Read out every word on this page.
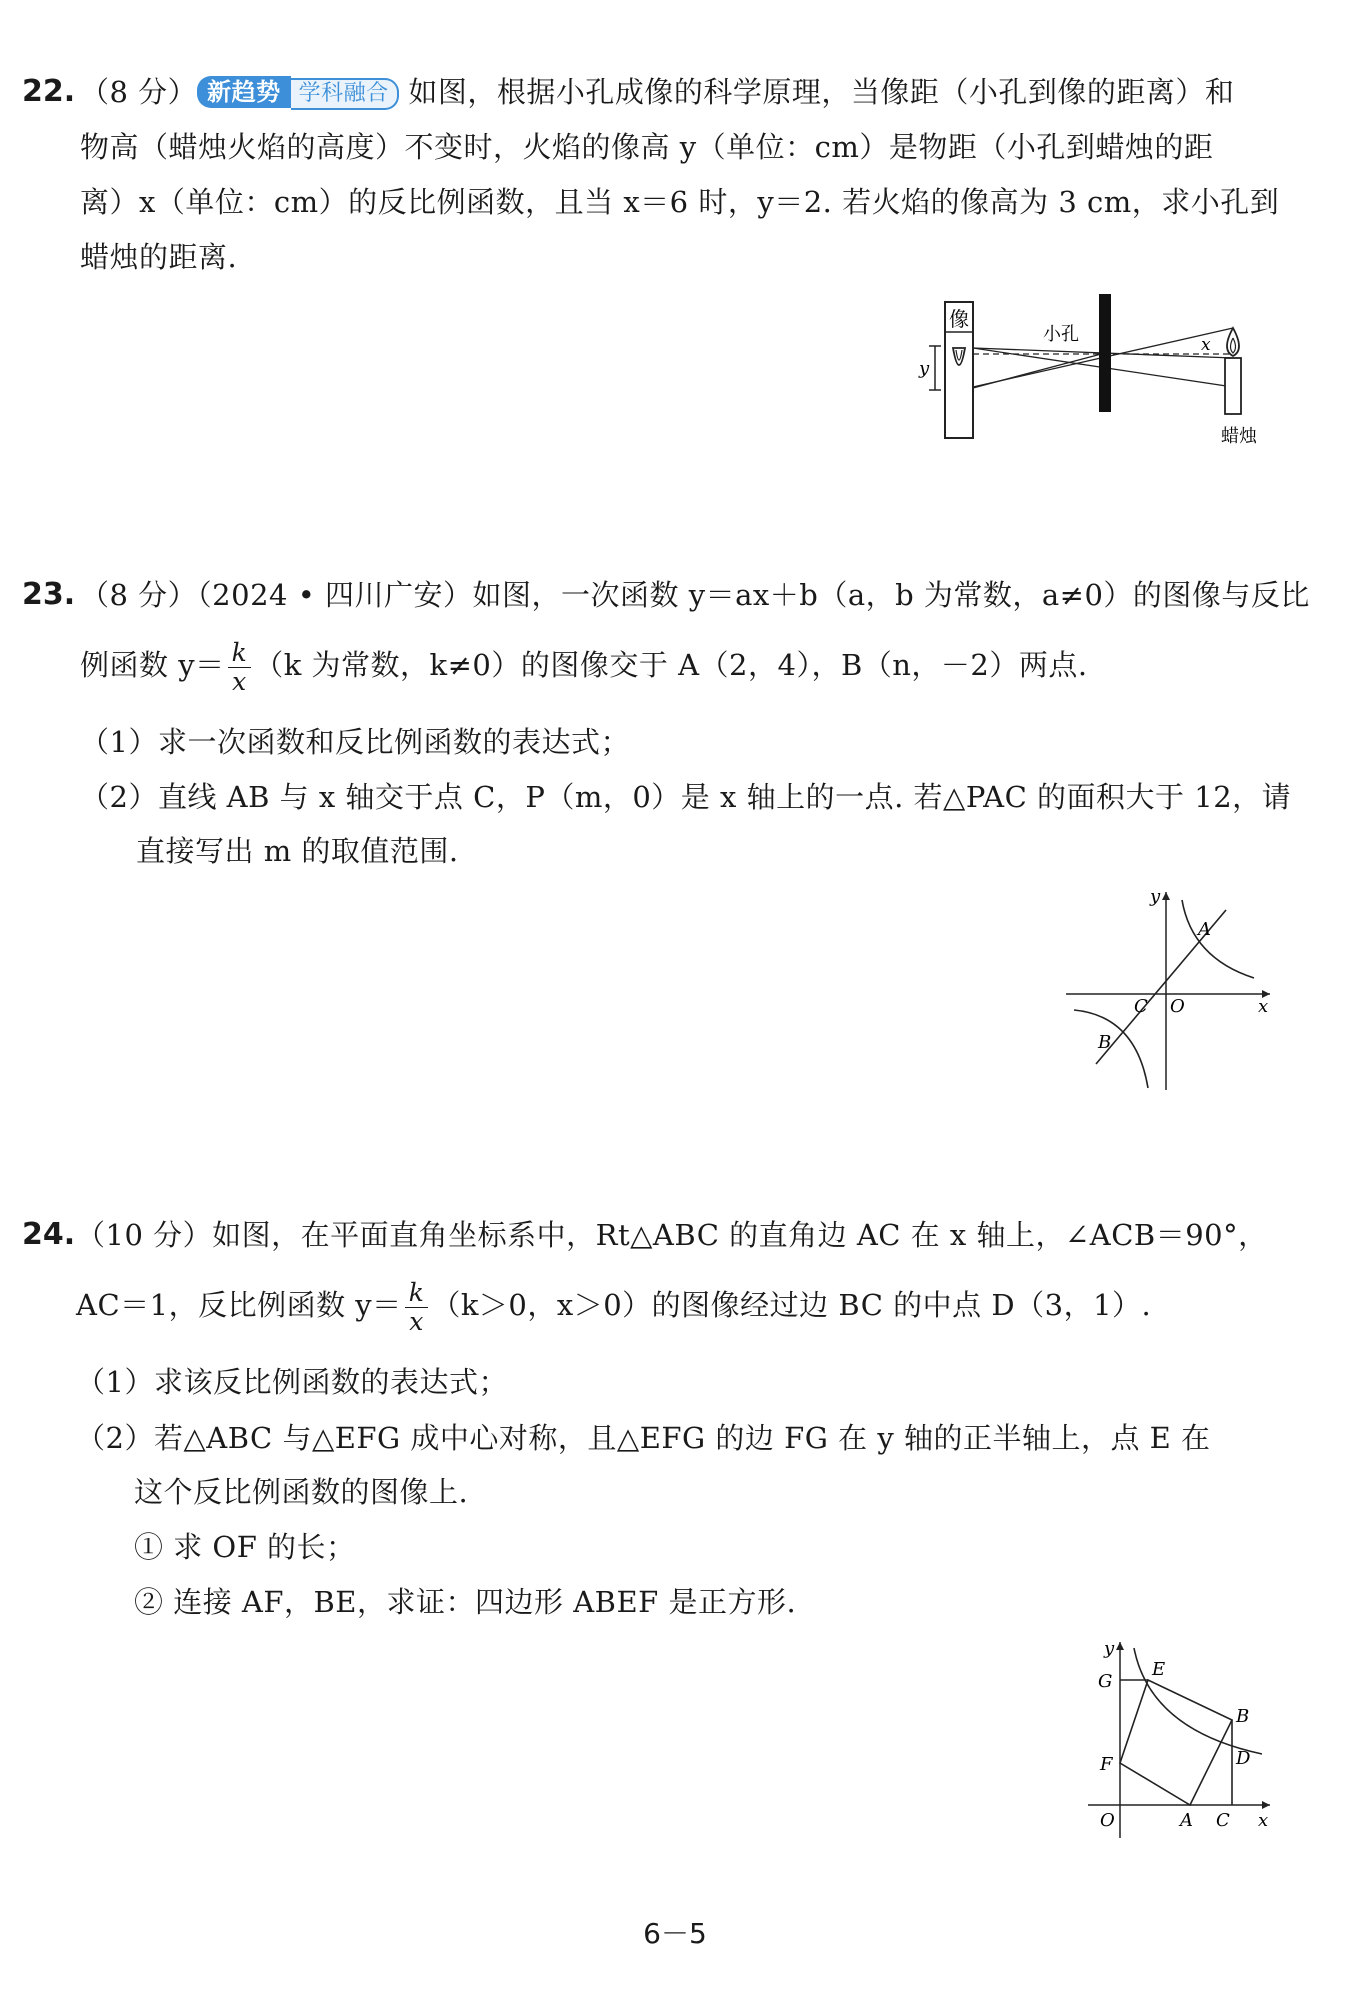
22. （8 分） 新趋势 学科融合 如图，根据小孔成像的科学原理，当像距（小孔到像的距离）和
物高（蜡烛火焰的高度）不变时，火焰的像高 y（单位：cm）是物距（小孔到蜡烛的距
离）x（单位：cm）的反比例函数，且当 x＝6 时，y＝2. 若火焰的像高为 3 cm，求小孔到
蜡烛的距离.
像
y
小孔	x
蜡烛
23. （8 分）（2024 • 四川广安）如图，一次函数 y＝ax＋b（a，b 为常数，a≠0）的图像与反比
例函数 $y= \frac{k}{x} (k$ 为常数，k≠0）的图像交于 A（2，4），B（n，－2）两点.
（1）求一次函数和反比例函数的表达式；
（2）直线 AB 与 x 轴交于点 C，P（m，0）是 x 轴上的一点. 若△PAC 的面积大于 12，请
直接写出 m 的取值范围.
y
x
A
B
C O
24. （10 分）如图，在平面直角坐标系中，Rt△ABC 的直角边 AC 在 x 轴上，∠ACB＝90°，
AC＝1，反比例函数 $y= \frac{k}{x} (k>0$，x＞0）的图像经过边 BC 的中点 D（3，1）.
（1）求该反比例函数的表达式；
（2）若△ABC 与△EFG 成中心对称，且△EFG 的边 FG 在 y 轴的正半轴上，点 E 在
这个反比例函数的图像上.
① 求 OF 的长；
② 连接 AF，BE，求证：四边形 ABEF 是正方形.
y
x
O
G
E
B
D
F
A C
6－5
